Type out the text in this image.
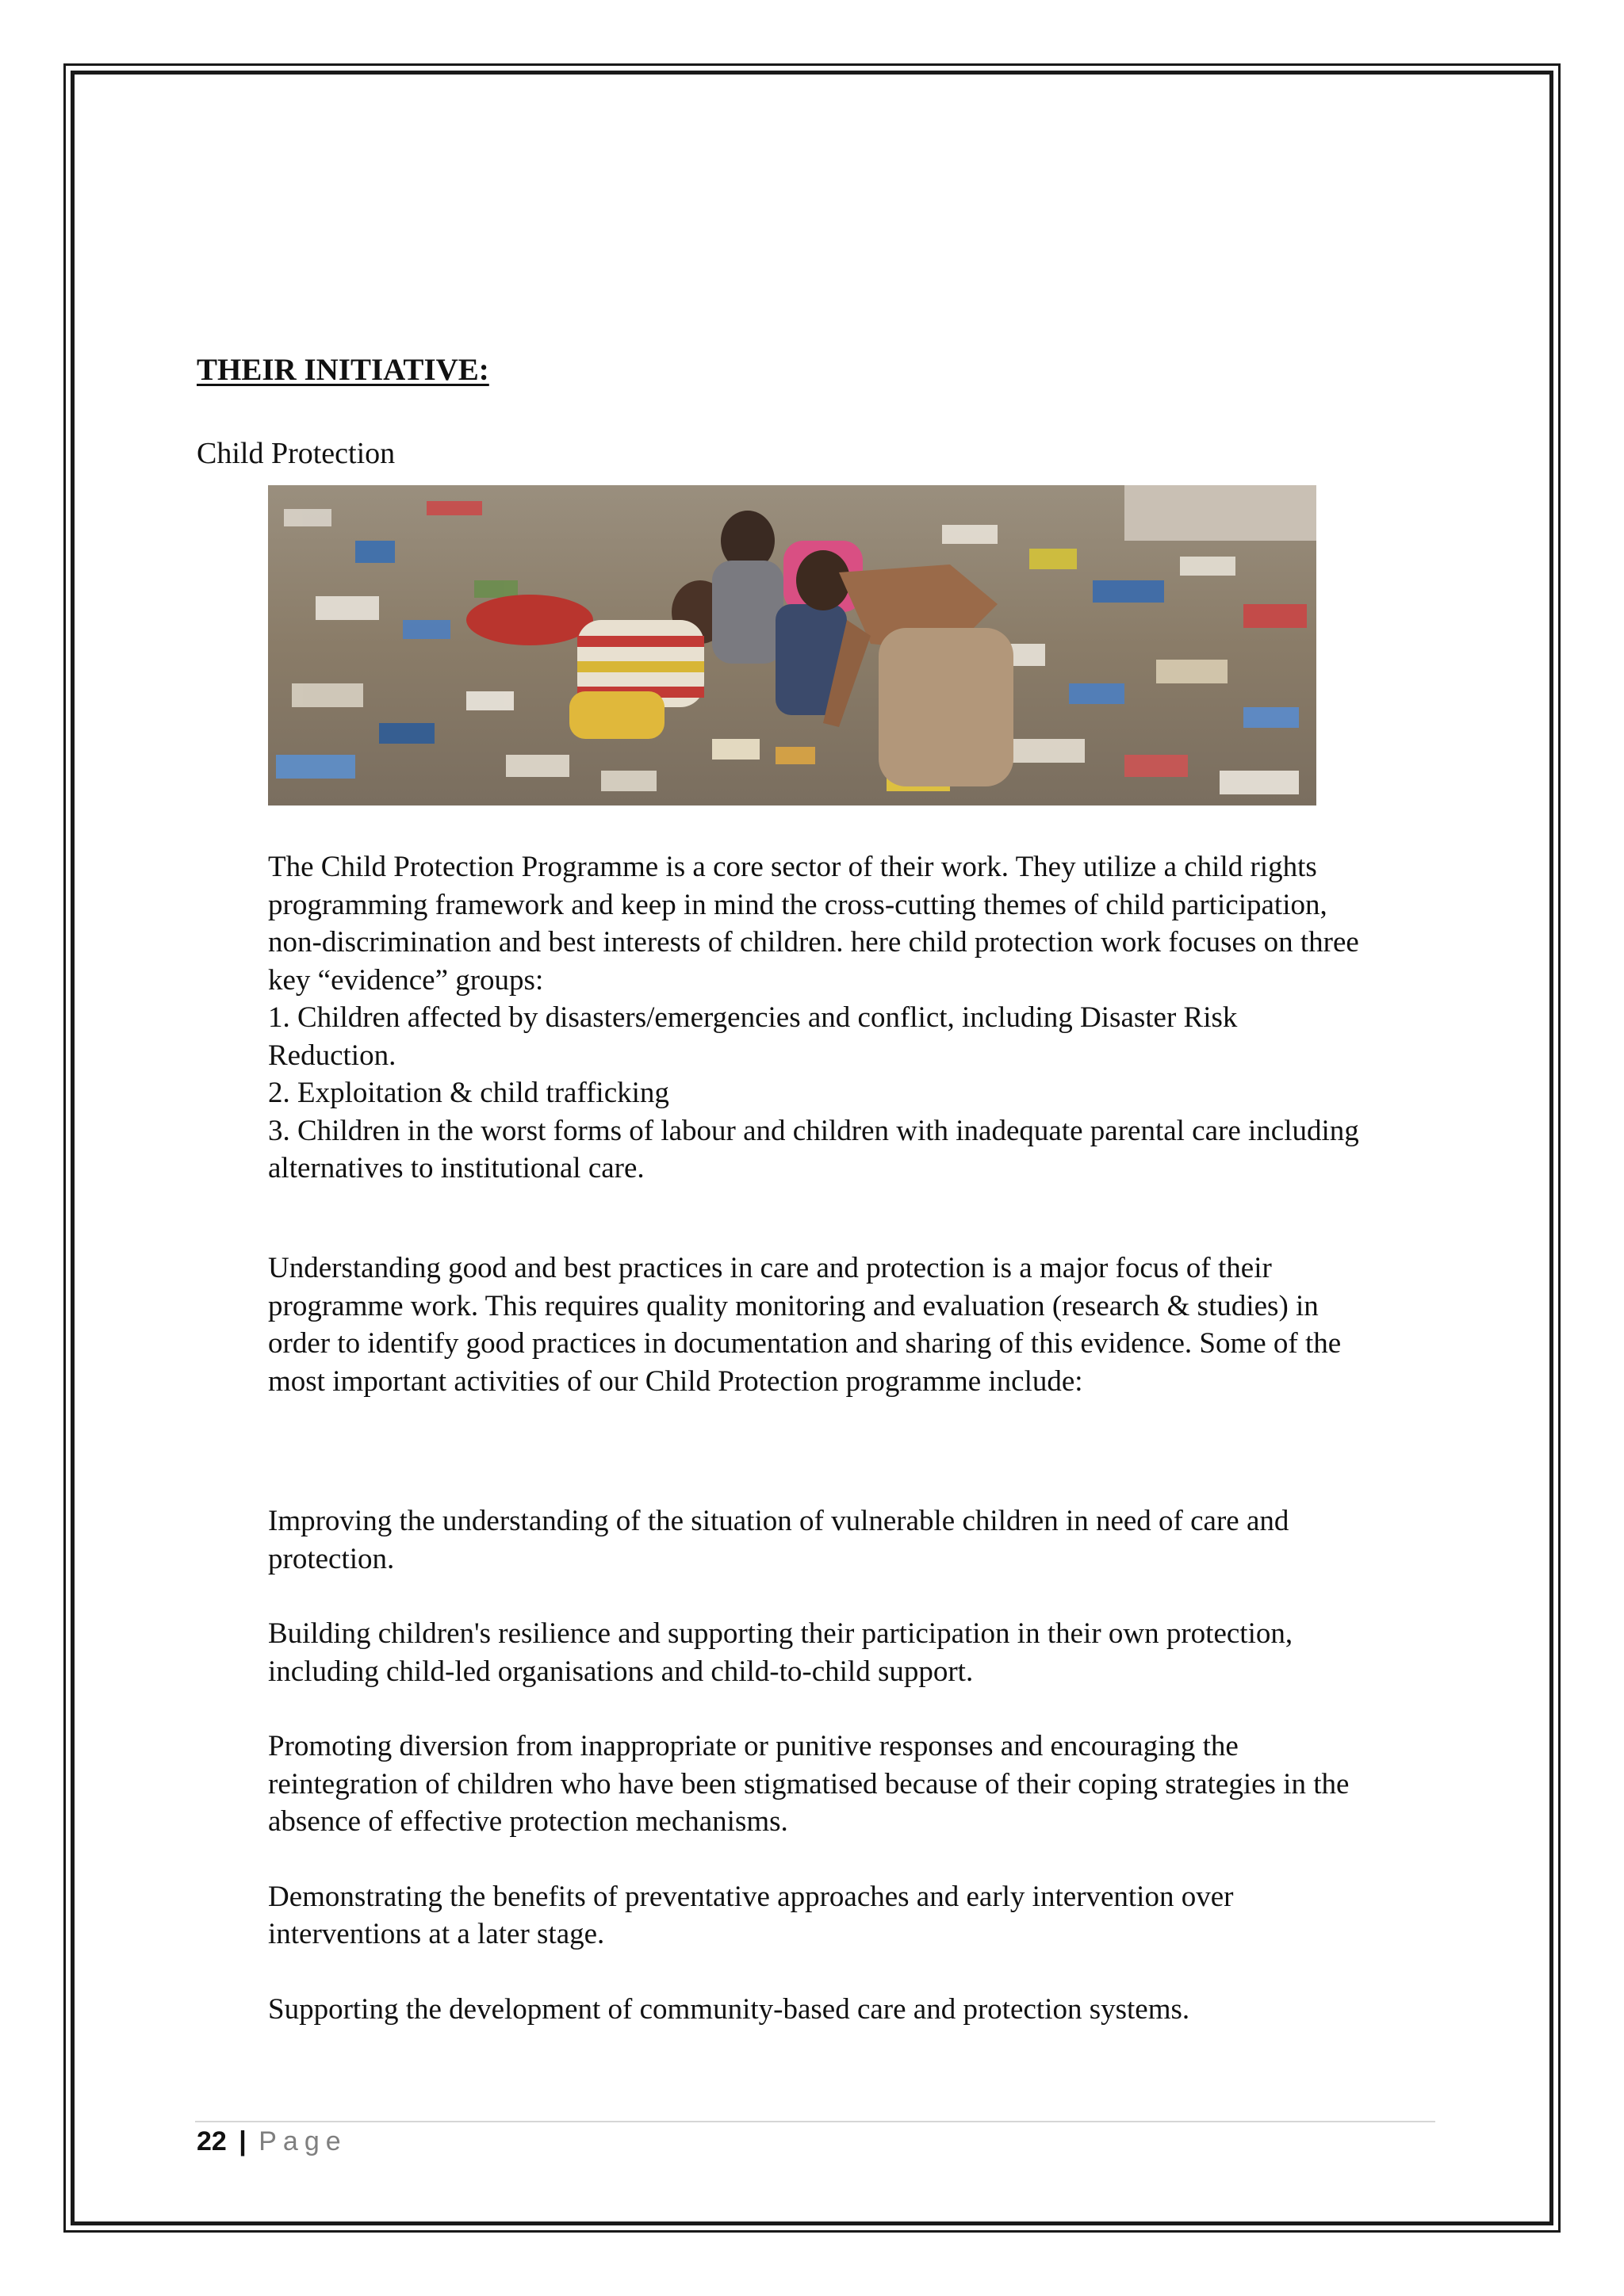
THEIR INITIATIVE:
Child Protection

The Child Protection Programme is a core sector of their work. They utilize a child rights programming framework and keep in mind the cross-cutting themes of child participation, non-discrimination and best interests of children. here child protection work focuses on three key “evidence” groups:

1. Children affected by disasters/emergencies and conflict, including Disaster Risk Reduction.

2. Exploitation & child trafficking

3. Children in the worst forms of labour and children with inadequate parental care including alternatives to institutional care.

Understanding good and best practices in care and protection is a major focus of their programme work. This requires quality monitoring and evaluation (research & studies) in order to identify good practices in documentation and sharing of this evidence. Some of the most important activities of our Child Protection programme include:

Improving the understanding of the situation of vulnerable children in need of care and protection.

Building children's resilience and supporting their participation in their own protection, including child-led organisations and child-to-child support.

Promoting diversion from inappropriate or punitive responses and encouraging the reintegration of children who have been stigmatised because of their coping strategies in the absence of effective protection mechanisms.

Demonstrating the benefits of preventative approaches and early intervention over interventions at a later stage.

Supporting the development of community-based care and protection systems.

22 | Page
